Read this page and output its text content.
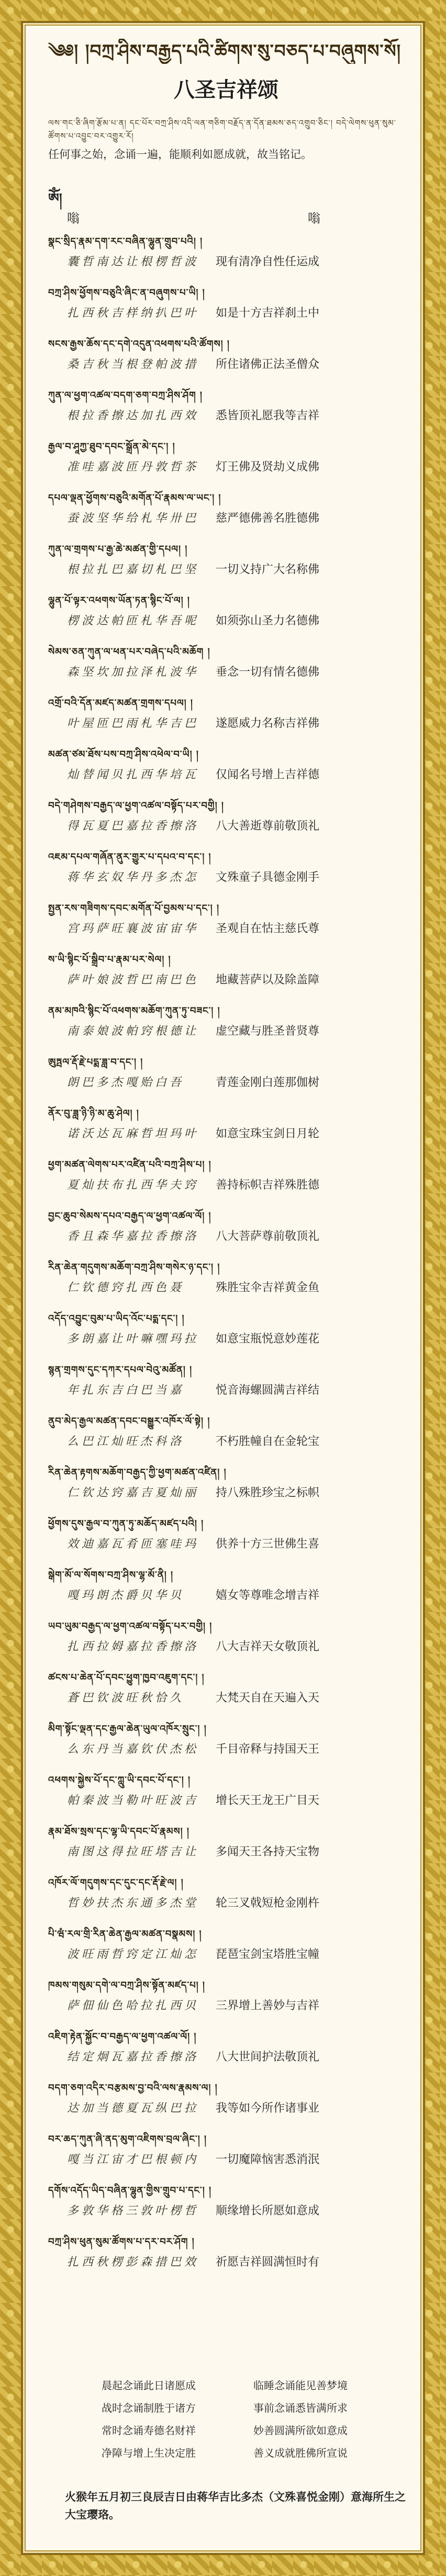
༄༅། །བཀྲ་ཤིས་བརྒྱད་པའི་ཚིགས་སུ་བཅད་པ་བཞུགས་སོ།
八圣吉祥颂
ལས་གང་ཅི་ཞིག་རྩོམ་པ་ན། དང་པོར་བཀྲ་ཤིས་འདི་ལན་གཅིག་བརྗོད་ན་དོན་ཐམས་ཅད་འགྲུབ་ཅིང་། བདེ་ལེགས་ཕུན་སུམ་ཚོགས་པ་འབྱུང་བར་འགྱུར་རོ།
任何事之始，念诵一遍，能顺利如愿成就，故当铭记。
ཨོཾ།
嗡	嗡
སྣང་སྲིད་རྣམ་དག་རང་བཞིན་ལྷུན་གྲུབ་པའི། །
囊哲南达让根楞哲波 现有清净自性任运成
བཀྲ་ཤིས་ཕྱོགས་བཅུའི་ཞིང་ན་བཞུགས་པ་ཡི། །
扎西秋吉样纳扒巴叶 如是十方吉祥刹土中
སངས་རྒྱས་ཆོས་དང་དགེ་འདུན་འཕགས་པའི་ཚོགས། །
桑吉秋当根登帕波措 所住诸佛正法圣僧众
ཀུན་ལ་ཕྱག་འཚལ་བདག་ཅག་བཀྲ་ཤིས་ཤོག །
根拉香擦达加扎西效 悉皆顶礼愿我等吉祥
རྒྱལ་བ་ཤཱཀྱ་ཐུབ་དབང་སྒྲོན་མེ་དང་། །
准哇嘉波匝丹敦哲茶 灯王佛及贤劫义成佛
དཔལ་ལྡན་ཕྱོགས་བཅུའི་མགོན་པོ་རྣམས་ལ་ཡང་། །
蚕波坚华给札华卅巴 慈严德佛善名胜德佛
ཀུན་ལ་གྲགས་པ་རྒྱ་ཆེ་མཚན་གྱི་དཔལ། །
根拉扎巴嘉切札巴坚 一切义持广大名称佛
ལྷུན་པོ་ལྟར་འཕགས་ཡོན་ཏན་སྙིང་པོ་ལ། །
楞波达帕匝札华吾呢 如须弥山圣力名德佛
སེམས་ཅན་ཀུན་ལ་ཕན་པར་བཞེད་པའི་མཆོག །
森坚坎加拉泽札波华 垂念一切有情名德佛
འགྲོ་བའི་དོན་མཛད་མཚན་གྲགས་དཔལ། །
叶屋匝巴雨札华吉巴 遂愿威力名称吉祥佛
མཚན་ཙམ་ཐོས་པས་བཀྲ་ཤིས་འཕེལ་བ་ཡི། །
灿替闻贝扎西华培瓦 仅闻名号增上吉祥德
བདེ་གཤེགས་བརྒྱད་ལ་ཕྱག་འཚལ་བསྟོད་པར་བགྱི། །
得瓦夏巴嘉拉香擦洛 八大善逝尊前敬顶礼
འཇམ་དཔལ་གཞོན་ནུར་གྱུར་པ་དཔའ་བ་དང་། །
蒋华玄奴华丹多杰怎 文殊童子具德金刚手
སྤྱན་རས་གཟིགས་དབང་མགོན་པོ་བྱམས་པ་དང་། །
宫玛萨旺襄波宙宙华 圣观自在怙主慈氏尊
ས་ཡི་སྙིང་པོ་སྒྲིབ་པ་རྣམ་པར་སེལ། །
萨叶娘波哲巴南巴色 地藏菩萨以及除盖障
ནམ་མཁའི་སྙིང་པོ་འཕགས་མཆོག་ཀུན་ཏུ་བཟང་། །
南泰娘波帕窍根德让 虚空藏与胜圣普贤尊
ཨུཏྤལ་རྡོ་རྗེ་པདྨ་ཟླ་བ་དང་། །
朗巴多杰嘎贻白吾	青莲金刚白莲那伽树
ནོར་བུ་ཟླ་ཉི་ཉི་མ་ཆུ་ཤེལ། །
诺沃达瓦麻哲坦玛叶 如意宝珠宝剑日月轮
ཕྱག་མཚན་ལེགས་པར་འཛིན་པའི་བཀྲ་ཤིས་པ། །
夏灿扶布扎西华夫窍 善持标帜吉祥殊胜德
བྱང་ཆུབ་སེམས་དཔའ་བརྒྱད་ལ་ཕྱག་འཚལ་ལོ། །
香且森华嘉拉香擦洛 八大菩萨尊前敬顶礼
རིན་ཆེན་གདུགས་མཆོག་བཀྲ་ཤིས་གསེར་ཉ་དང་། །
仁钦德窍扎西色聂	殊胜宝伞吉祥黄金鱼
འདོད་འབྱུང་བུམ་པ་ཡིད་འོང་པདྨ་དང་། །
多朗嘉让叶嘛嘿玛拉 如意宝瓶悦意妙莲花
སྙན་གྲགས་དུང་དཀར་དཔལ་བེའུ་མཚོན། །
年扎东吉白巴当嘉	悦音海螺圆满吉祥结
ནུབ་མེད་རྒྱལ་མཚན་དབང་བསྒྱུར་འཁོར་ལོ་སྟེ། །
么巴江灿旺杰科洛	不朽胜幢自在金轮宝
རིན་ཆེན་རྟགས་མཆོག་བརྒྱད་ཀྱི་ཕྱག་མཚན་འཛིན། །
仁钦达窍嘉吉夏灿丽 持八殊胜珍宝之标帜
ཕྱོགས་དུས་རྒྱལ་བ་ཀུན་ཏུ་མཆོད་མཛད་པའི། །
效迪嘉瓦肴匝塞哇玛 供养十方三世佛生喜
སྒེག་མོ་ལ་སོགས་བཀྲ་ཤིས་ལྷ་མོ་ནི། །
嘎玛朗杰爵贝华贝	嬉女等尊唯念增吉祥
ཡབ་ཡུམ་བརྒྱད་ལ་ཕྱག་འཚལ་བསྟོད་པར་བགྱི། །
扎西拉姆嘉拉香擦洛 八大吉祥天女敬顶礼
ཚངས་པ་ཆེན་པོ་དབང་ཕྱུག་ཁྱབ་འཇུག་དང་། །
蒼巴钦波旺秋恰久	大梵天自在天遍入天
མིག་སྟོང་ལྡན་དང་རྒྱལ་ཆེན་ཡུལ་འཁོར་སྲུང་། །
么东丹当嘉钦伏杰松 千目帝释与持国天王
འཕགས་སྐྱེས་པོ་དང་ཀླུ་ཡི་དབང་པོ་དང་། །
帕秦波当勒叶旺波吉 增长天王龙王广目天
རྣམ་ཐོས་སྲས་དང་ལྷ་ཡི་དབང་པོ་རྣམས། །
南图这得拉旺塔吉让 多闻天王各持天宝物
འཁོར་ལོ་གདུགས་དང་དུང་དང་རྡོ་རྗེ་ལ། །
哲妙扶杰东通多杰堂 轮三叉戟短枪金刚杵
པི་ཝཾ་རལ་གྲི་རིན་ཆེན་རྒྱལ་མཚན་བསྣམས། །
波旺雨哲窍定江灿怎 琵琶宝剑宝塔胜宝幢
ཁམས་གསུམ་དགེ་ལ་བཀྲ་ཤིས་སྟོན་མཛད་པ། །
萨佃仙色哈拉扎西贝 三界增上善妙与吉祥
འཇིག་རྟེན་སྐྱོང་བ་བརྒྱད་ལ་ཕྱག་འཚལ་ལོ། །
结定炯瓦嘉拉香擦洛 八大世间护法敬顶礼
བདག་ཅག་འདིར་བརྩམས་བྱ་བའི་ལས་རྣམས་ལ། །
达加当德夏瓦纵巴拉 我等如今所作诸事业
བར་ཆད་ཀུན་ཞི་ནད་མུག་འཇིགས་བྲལ་ཞིང་། །
嘎当江宙才巴根顿内 一切魔障恼害悉消泯
དགོས་འདོད་ཡིད་བཞིན་ལྷུན་གྱིས་གྲུབ་པ་དང་། །
多敦华格三敦叶楞哲 顺缘增长所愿如意成
བཀྲ་ཤིས་ཕུན་སུམ་ཚོགས་པ་དར་བར་ཤོག །
扎西秋楞彭森措巴效 祈愿吉祥圆满恒时有
晨起念诵此日诸愿成	临睡念诵能见善梦境
战时念诵制胜于诸方	事前念诵悉皆满所求
常时念诵寿德名财祥	妙善圆满所欲如意成
净障与增上生决定胜	善义成就胜佛所宣说
火猴年五月初三良辰吉日由蒋华吉比多杰（文殊喜悦金刚）意海所生之大宝璎珞。
